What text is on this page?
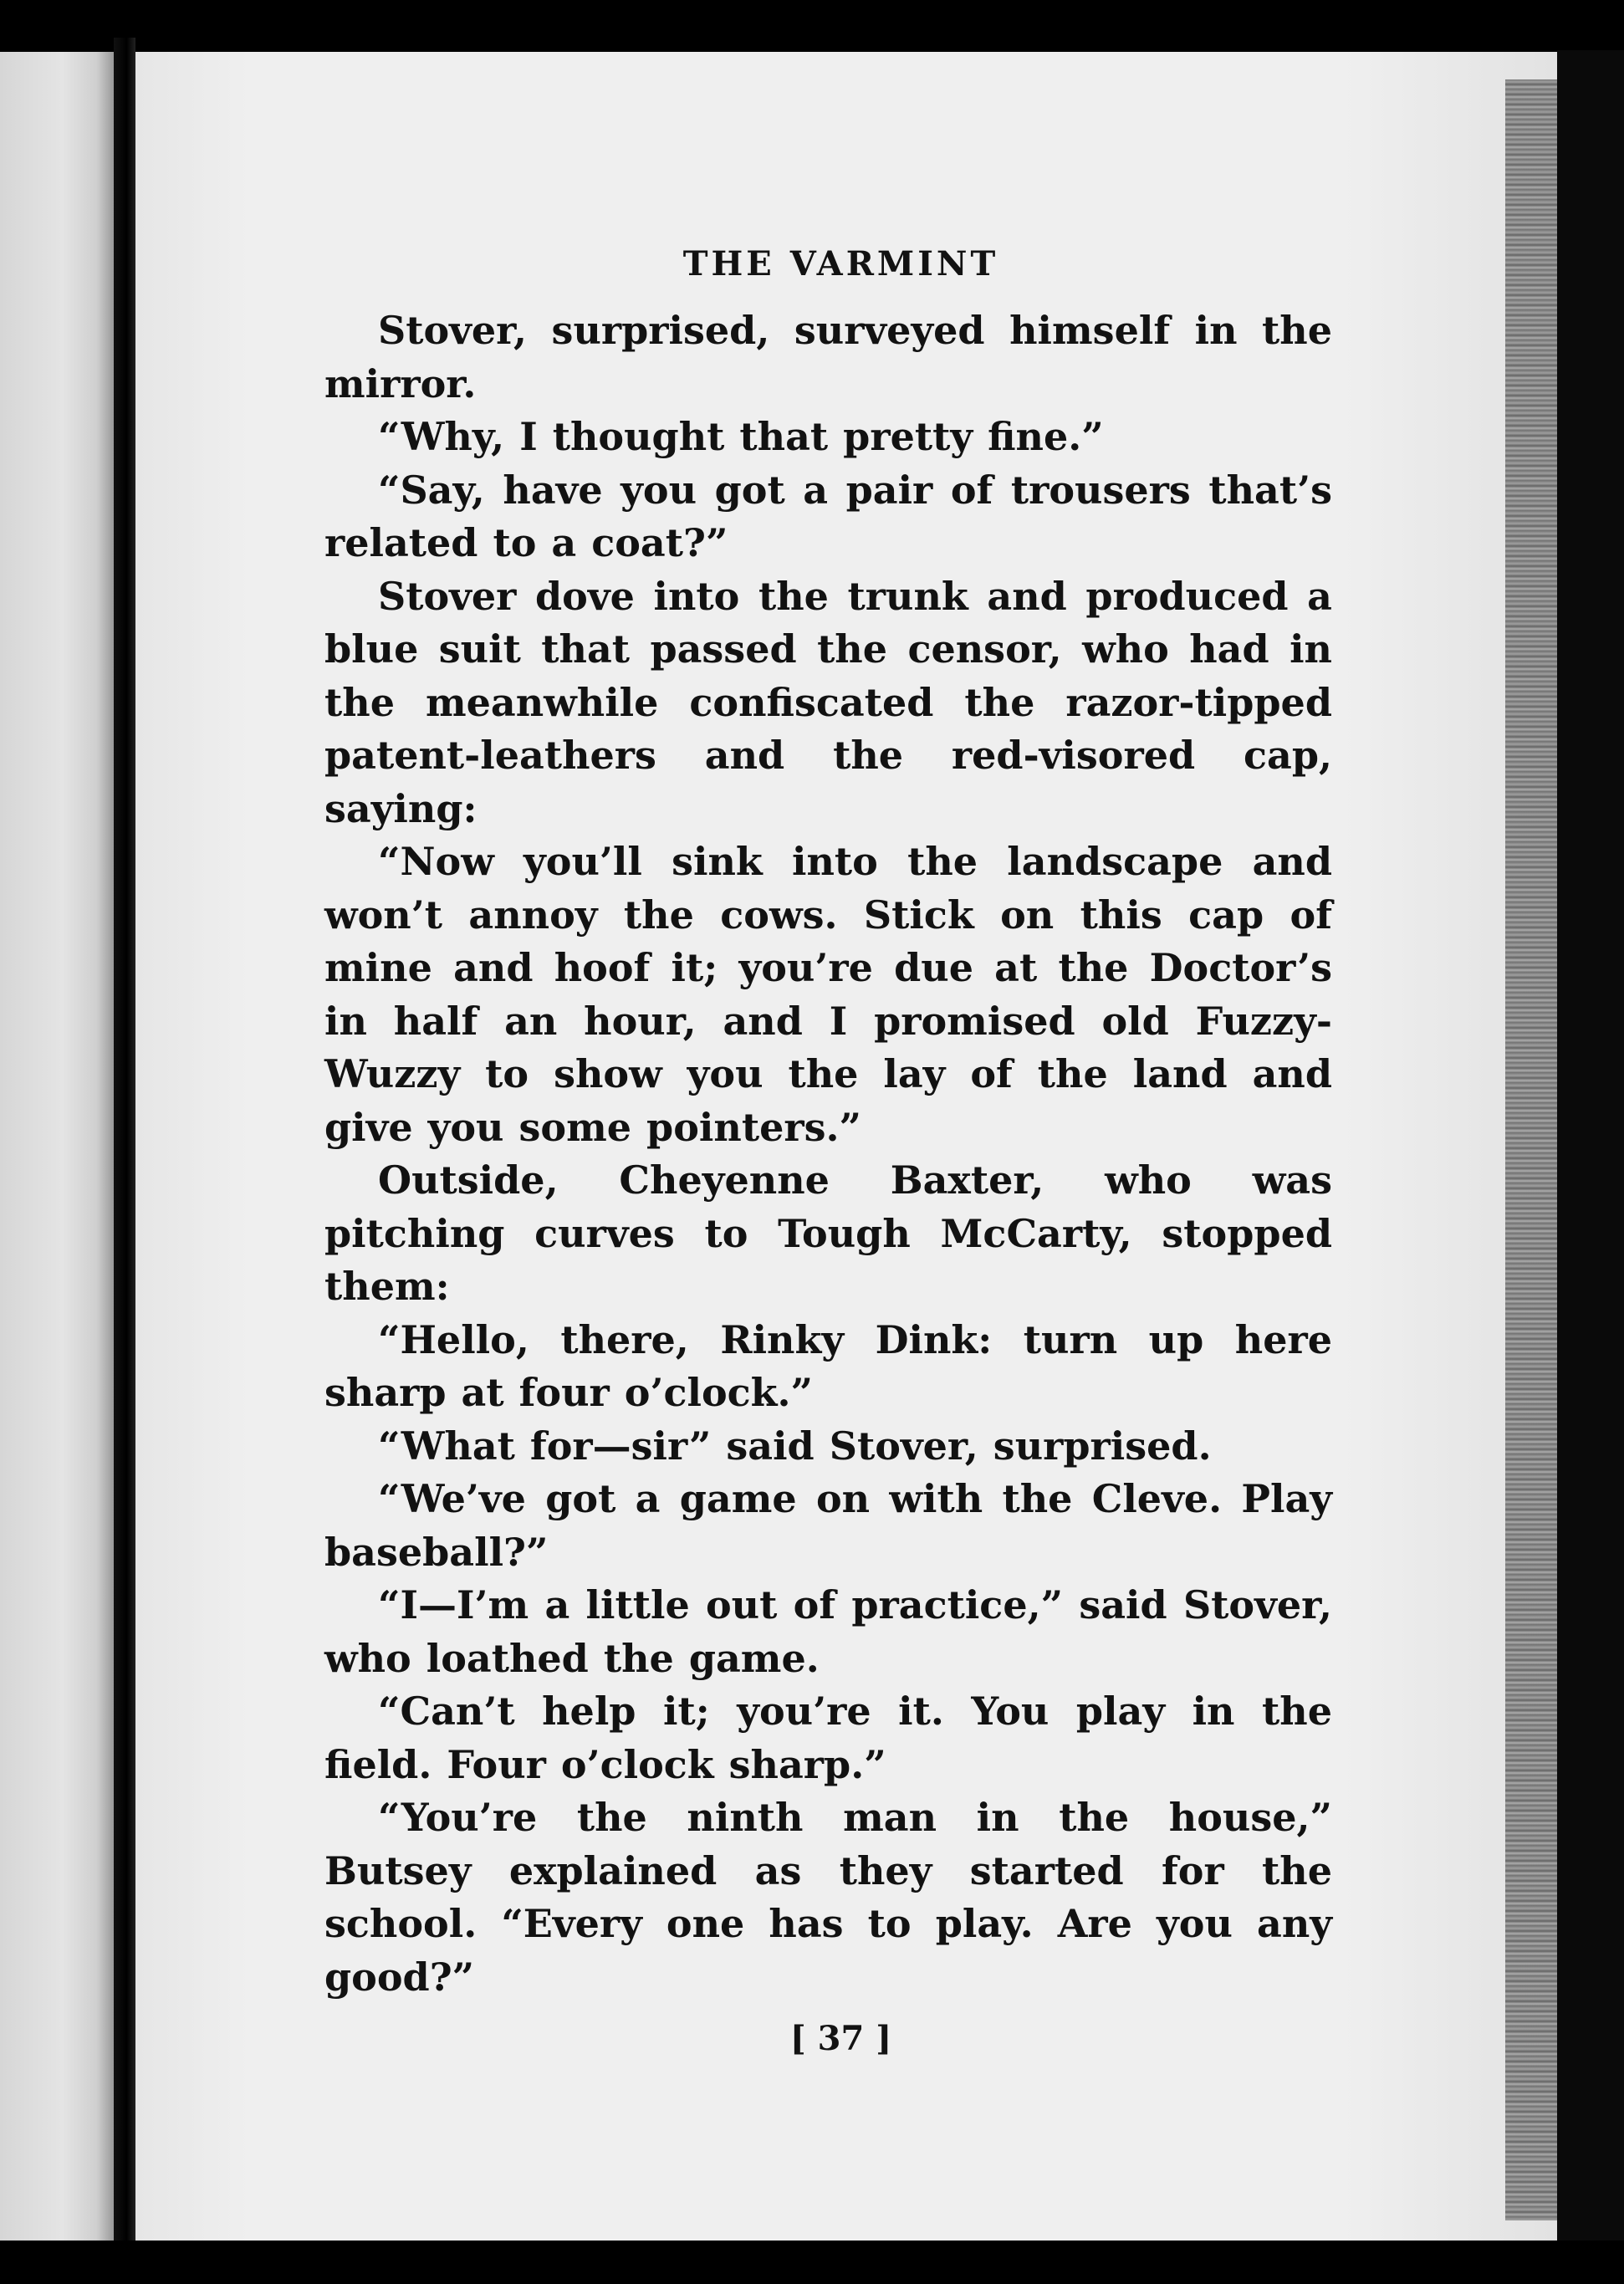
THE VARMINT

Stover, surprised, surveyed himself in the mirror.

“Why, I thought that pretty fine.”

“Say, have you got a pair of trousers that’s related to a coat?”

Stover dove into the trunk and produced a blue suit that passed the censor, who had in the meanwhile confiscated the razor-tipped patent-leathers and the red-visored cap, saying:

“Now you’ll sink into the landscape and won’t annoy the cows. Stick on this cap of mine and hoof it; you’re due at the Doctor’s in half an hour, and I promised old Fuzzy-Wuzzy to show you the lay of the land and give you some pointers.”

Outside, Cheyenne Baxter, who was pitching curves to Tough McCarty, stopped them:

“Hello, there, Rinky Dink: turn up here sharp at four o’clock.”

“What for—sir” said Stover, surprised.

“We’ve got a game on with the Cleve. Play baseball?”

“I—I’m a little out of practice,” said Stover, who loathed the game.

“Can’t help it; you’re it. You play in the field. Four o’clock sharp.”

“You’re the ninth man in the house,” Butsey explained as they started for the school. “Every one has to play. Are you any good?”

[ 37 ]
